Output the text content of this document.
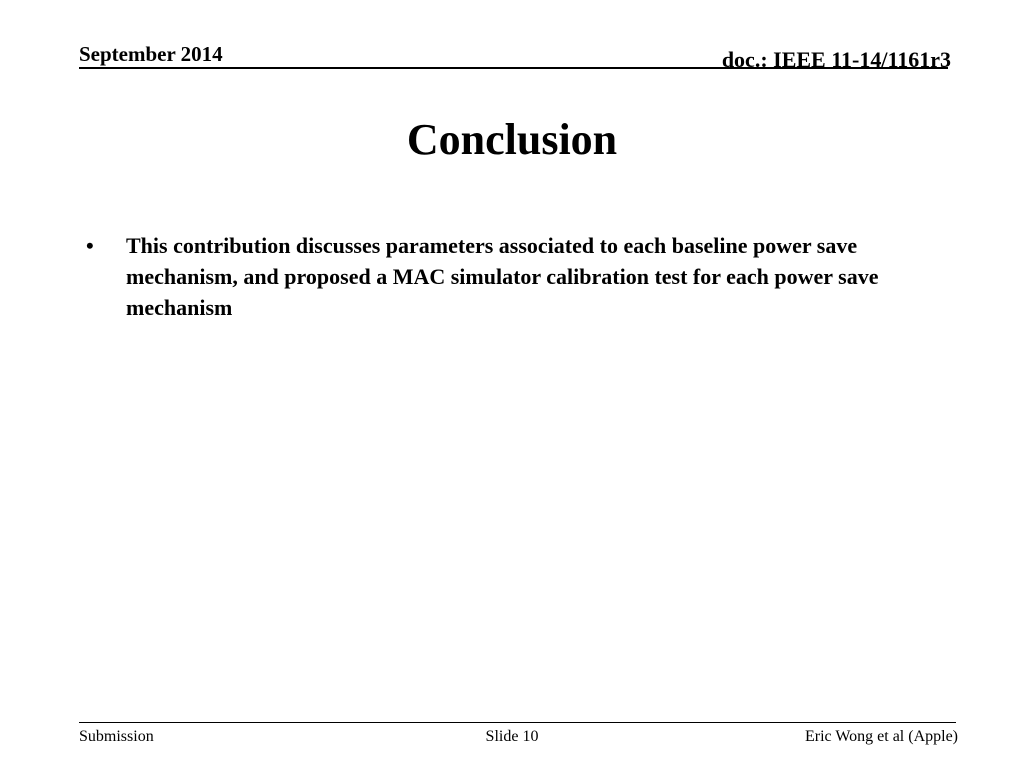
September 2014	doc.: IEEE 11-14/1161r3
Conclusion
• This contribution discusses parameters associated to each baseline power save mechanism, and proposed a MAC simulator calibration test for each power save mechanism
Submission	Slide 10	Eric Wong et al (Apple)
